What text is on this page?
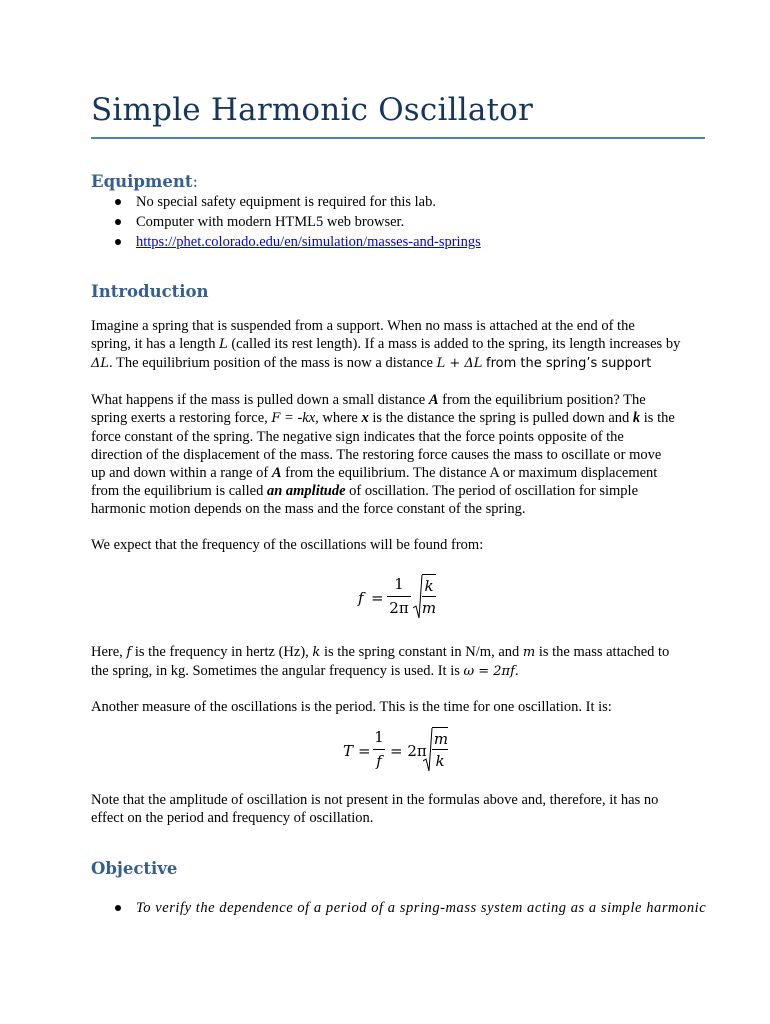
Simple Harmonic Oscillator
Equipment:
No special safety equipment is required for this lab.
Computer with modern HTML5 web browser.
https://phet.colorado.edu/en/simulation/masses-and-springs
Introduction
Imagine a spring that is suspended from a support. When no mass is attached at the end of the
spring, it has a length L (called its rest length). If a mass is added to the spring, its length increases by
ΔL. The equilibrium position of the mass is now a distance L + ΔL from the spring’s support
What happens if the mass is pulled down a small distance A from the equilibrium position? The
spring exerts a restoring force, F = -kx, where x is the distance the spring is pulled down and k is the
force constant of the spring. The negative sign indicates that the force points opposite of the
direction of the displacement of the mass. The restoring force causes the mass to oscillate or move
up and down within a range of A from the equilibrium. The distance A or maximum displacement
from the equilibrium is called an amplitude of oscillation. The period of oscillation for simple
harmonic motion depends on the mass and the force constant of the spring.
We expect that the frequency of the oscillations will be found from:
f =
1
2π
k
m
Here, f is the frequency in hertz (Hz), k is the spring constant in N/m, and m is the mass attached to
the spring, in kg. Sometimes the angular frequency is used. It is ω = 2πf.
Another measure of the oscillations is the period. This is the time for one oscillation. It is:
T =
1
f
= 2π
m
k
Note that the amplitude of oscillation is not present in the formulas above and, therefore, it has no
effect on the period and frequency of oscillation.
Objective
To verify the dependence of a period of a spring-mass system acting as a simple harmonic
